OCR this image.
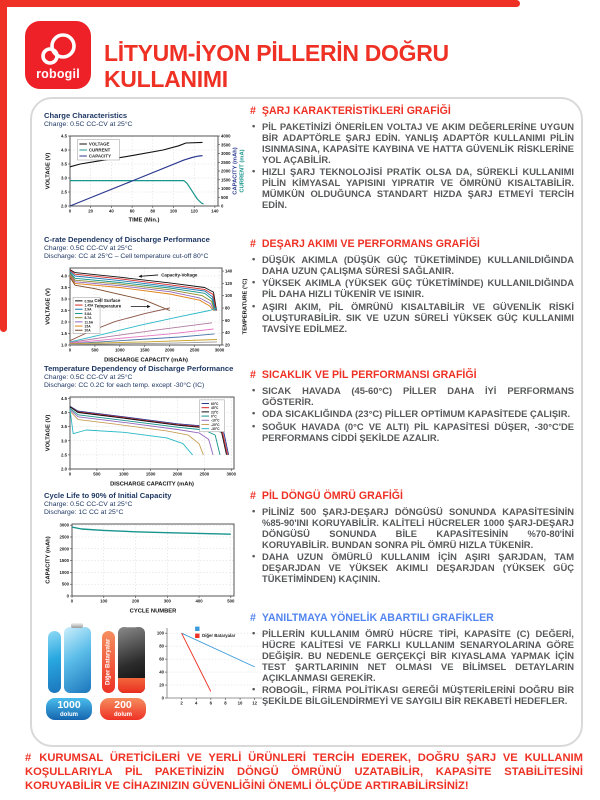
robogil
LİTYUM-İYON PİLLERİN DOĞRU KULLANIMI
Charge Characteristics
Charge: 0.5C CC-CV at 25°C
0	20	40	60	80	100	120	140
2.0
2.5
3.0
3.5
4.0
4.5
0
500
1000
1500
2000
2500
3000
3500
4000
TIME (Min.)
VOLTAGE (V)	CAPACITY (mAh) CURRENT (mA)
VOLTAGE
CURRENT
CAPACITY
C-rate Dependency of Discharge Performance
Charge: 0.5C CC-CV at 25°C
Discharge: CC at 25°C – Cell temperature cut-off 80°C
0	500	1000	1500	2000	2500	3000
1.0
1.5
2.0
2.5
3.0
3.5
4.0
20
40
60
80
100
120
140
DISCHARGE CAPACITY (mAh)
VOLTAGE (V)	TEMPERATURE (°C)
0.58A
1.45A
2.9A
5.8A
8.7A
11.6A
15A
20A
Capacity-Voltage
Cell Surface
Temperature
Temperature Dependency of Discharge Performance
Charge: 0.5C CC-CV at 25°C
Discharge: CC 0.2C for each temp. except -30°C (IC)
0	500	1000	1500	2000	2500	3000
2.0
2.5
3.0
3.5
4.0
4.5
DISCHARGE CAPACITY (mAh)
VOLTAGE (V)
60°C
45°C
23°C
0°C
-10°C
-20°C
-30°C
Cycle Life to 90% of Initial Capacity
Charge: 0.5C CC-CV at 25°C
Discharge: 1C CC at 25°C
0	100	200	300	400	500
0
500
1000
1500
2000
2500
3000
CYCLE NUMBER
CAPACITY (mAh)
1000
dolum
Diğer Bataryalar
200
dolum
2	4	6	8	10 12
0
20
40
60
80
100
Diğer Bataryalar
# ŞARJ KARAKTERİSTİKLERİ GRAFİĞİ
• PİL PAKETİNİZİ ÖNERİLEN VOLTAJ VE AKIM DEĞERLERİNE UYGUN BİR ADAPTÖRLE ŞARJ EDİN. YANLIŞ ADAPTÖR KULLANIMI PİLİN ISINMASINA, KAPASİTE KAYBINA VE HATTA GÜVENLİK RİSKLERİNE YOL AÇABİLİR.
• HIZLI ŞARJ TEKNOLOJİSİ PRATİK OLSA DA, SÜREKLİ KULLANIMI PİLİN KİMYASAL YAPISINI YIPRATIR VE ÖMRÜNÜ KISALTABİLİR. MÜMKÜN OLDUĞUNCA STANDART HIZDA ŞARJ ETMEYİ TERCİH EDİN.
# DEŞARJ AKIMI VE PERFORMANS GRAFİĞİ
• DÜŞÜK AKIMLA (DÜŞÜK GÜÇ TÜKETİMİNDE) KULLANILDIĞINDA DAHA UZUN ÇALIŞMA SÜRESİ SAĞLANIR.
• YÜKSEK AKIMLA (YÜKSEK GÜÇ TÜKETİMİNDE) KULLANILDIĞINDA PİL DAHA HIZLI TÜKENİR VE ISINIR.
• AŞIRI AKIM, PİL ÖMRÜNÜ KISALTABİLİR VE GÜVENLİK RİSKİ OLUŞTURABİLİR. SIK VE UZUN SÜRELİ YÜKSEK GÜÇ KULLANIMI TAVSİYE EDİLMEZ.
# SICAKLIK VE PİL PERFORMANSI GRAFİĞİ
• SICAK HAVADA (45-60°C) PİLLER DAHA İYİ PERFORMANS GÖSTERİR.
• ODA SICAKLIĞINDA (23°C) PİLLER OPTİMUM KAPASİTEDE ÇALIŞIR.
• SOĞUK HAVADA (0°C VE ALTI) PİL KAPASİTESİ DÜŞER, -30°C'DE PERFORMANS CİDDİ ŞEKİLDE AZALIR.
# PİL DÖNGÜ ÖMRÜ GRAFİĞİ
• PİLİNİZ 500 ŞARJ-DEŞARJ DÖNGÜSÜ SONUNDA KAPASİTESİNİN %85-90'INI KORUYABİLİR. KALİTELİ HÜCRELER 1000 ŞARJ-DEŞARJ DÖNGÜSÜ SONUNDA BİLE KAPASİTESİNİN %70-80'İNİ KORUYABİLİR. BUNDAN SONRA PİL ÖMRÜ HIZLA TÜKENİR.
• DAHA UZUN ÖMÜRLÜ KULLANIM İÇİN AŞIRI ŞARJDAN, TAM DEŞARJDAN VE YÜKSEK AKIMLI DEŞARJDAN (YÜKSEK GÜÇ TÜKETİMİNDEN) KAÇININ.
# YANILTMAYA YÖNELİK ABARTILI GRAFİKLER
• PİLLERİN KULLANIM ÖMRÜ HÜCRE TİPİ, KAPASİTE (C) DEĞERİ, HÜCRE KALİTESİ VE FARKLI KULLANIM SENARYOLARINA GÖRE DEĞİŞİR. BU NEDENLE GERÇEKÇİ BİR KIYASLAMA YAPMAK İÇİN TEST ŞARTLARININ NET OLMASI VE BİLİMSEL DETAYLARIN AÇIKLANMASI GEREKİR.
• ROBOGİL, FİRMA POLİTİKASI GEREĞİ MÜŞTERİLERİNİ DOĞRU BİR ŞEKİLDE BİLGİLENDİRMEYİ VE SAYGILI BİR REKABETİ HEDEFLER.
# KURUMSAL ÜRETİCİLERİ VE YERLİ ÜRÜNLERİ TERCİH EDEREK, DOĞRU ŞARJ VE KULLANIM KOŞULLARIYLA PİL PAKETİNİZİN DÖNGÜ ÖMRÜNÜ UZATABİLİR, KAPASİTE STABİLİTESİNİ KORUYABİLİR VE CİHAZINIZIN GÜVENLİĞİNİ ÖNEMLİ ÖLÇÜDE ARTIRABİLİRSİNİZ!
